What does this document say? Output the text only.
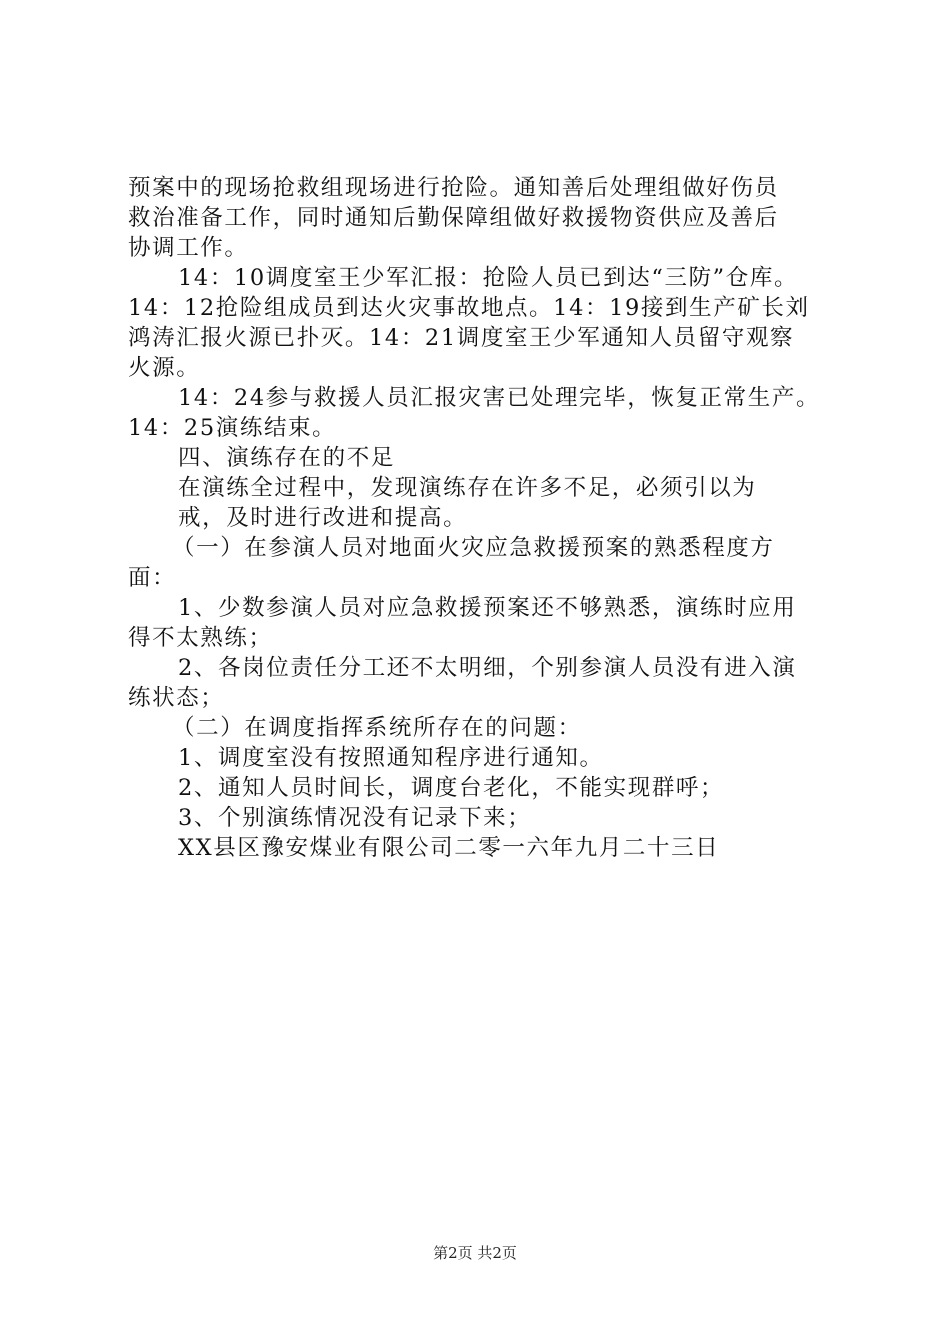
预案中的现场抢救组现场进行抢险。通知善后处理组做好伤员

救治准备工作，同时通知后勤保障组做好救援物资供应及善后

协调工作。

14：10调度室王少军汇报：抢险人员已到达“三防”仓库。

14：12抢险组成员到达火灾事故地点。14：19接到生产矿长刘

鸿涛汇报火源已扑灭。14：21调度室王少军通知人员留守观察

火源。

14：24参与救援人员汇报灾害已处理完毕，恢复正常生产。

14：25演练结束。

四、演练存在的不足

在演练全过程中，发现演练存在许多不足，必须引以为

戒，及时进行改进和提高。

（一）在参演人员对地面火灾应急救援预案的熟悉程度方

面：

1、少数参演人员对应急救援预案还不够熟悉，演练时应用

得不太熟练；

2、各岗位责任分工还不太明细，个别参演人员没有进入演

练状态；

（二）在调度指挥系统所存在的问题：

1、调度室没有按照通知程序进行通知。

2、通知人员时间长，调度台老化，不能实现群呼；

3、个别演练情况没有记录下来；

XX县区豫安煤业有限公司二零一六年九月二十三日

第2页 共2页
